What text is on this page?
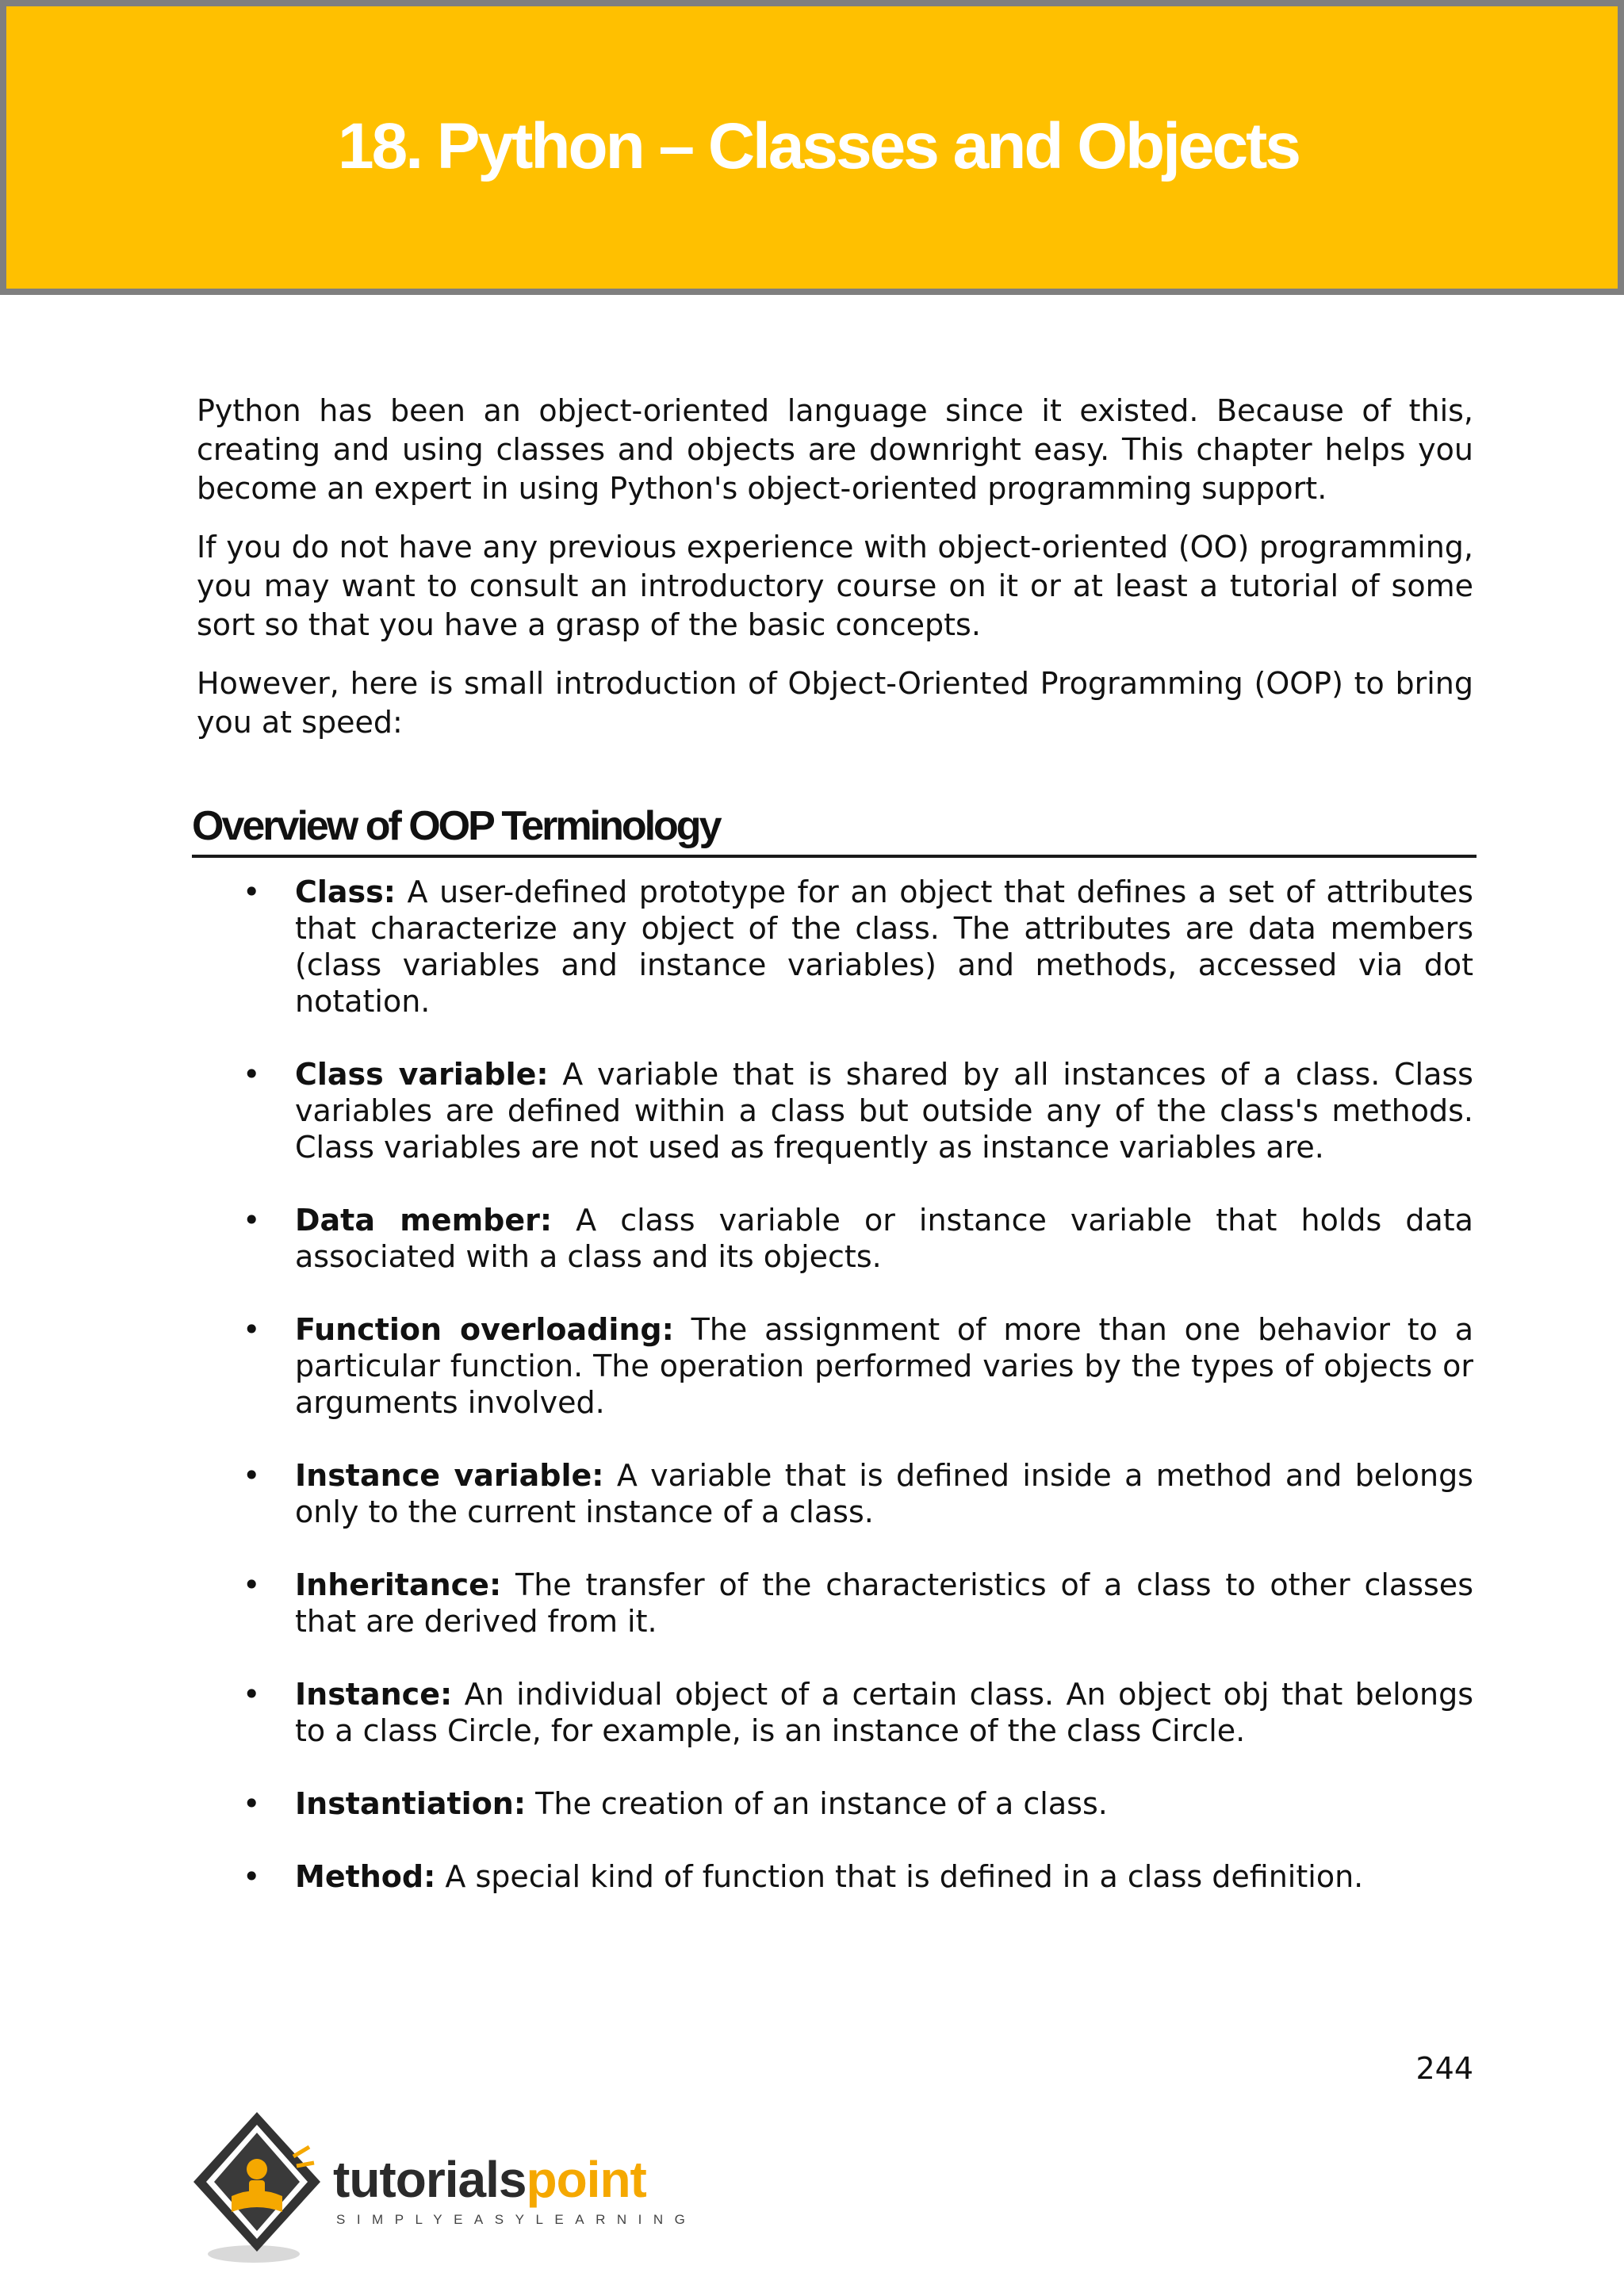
18. Python – Classes and Objects

Python has been an object-oriented language since it existed. Because of this, creating and using classes and objects are downright easy. This chapter helps you become an expert in using Python's object-oriented programming support.

If you do not have any previous experience with object-oriented (OO) programming, you may want to consult an introductory course on it or at least a tutorial of some sort so that you have a grasp of the basic concepts.

However, here is small introduction of Object-Oriented Programming (OOP) to bring you at speed:

Overview of OOP Terminology
• Class: A user-defined prototype for an object that defines a set of attributes that characterize any object of the class. The attributes are data members (class variables and instance variables) and methods, accessed via dot notation.
• Class variable: A variable that is shared by all instances of a class. Class variables are defined within a class but outside any of the class's methods. Class variables are not used as frequently as instance variables are.
• Data member: A class variable or instance variable that holds data associated with a class and its objects.
• Function overloading: The assignment of more than one behavior to a particular function. The operation performed varies by the types of objects or arguments involved.
• Instance variable: A variable that is defined inside a method and belongs only to the current instance of a class.
• Inheritance: The transfer of the characteristics of a class to other classes that are derived from it.
• Instance: An individual object of a certain class. An object obj that belongs to a class Circle, for example, is an instance of the class Circle.
• Instantiation: The creation of an instance of a class.
• Method: A special kind of function that is defined in a class definition.
244
tutorialspoint
SIMPLYEASYLEARNING
